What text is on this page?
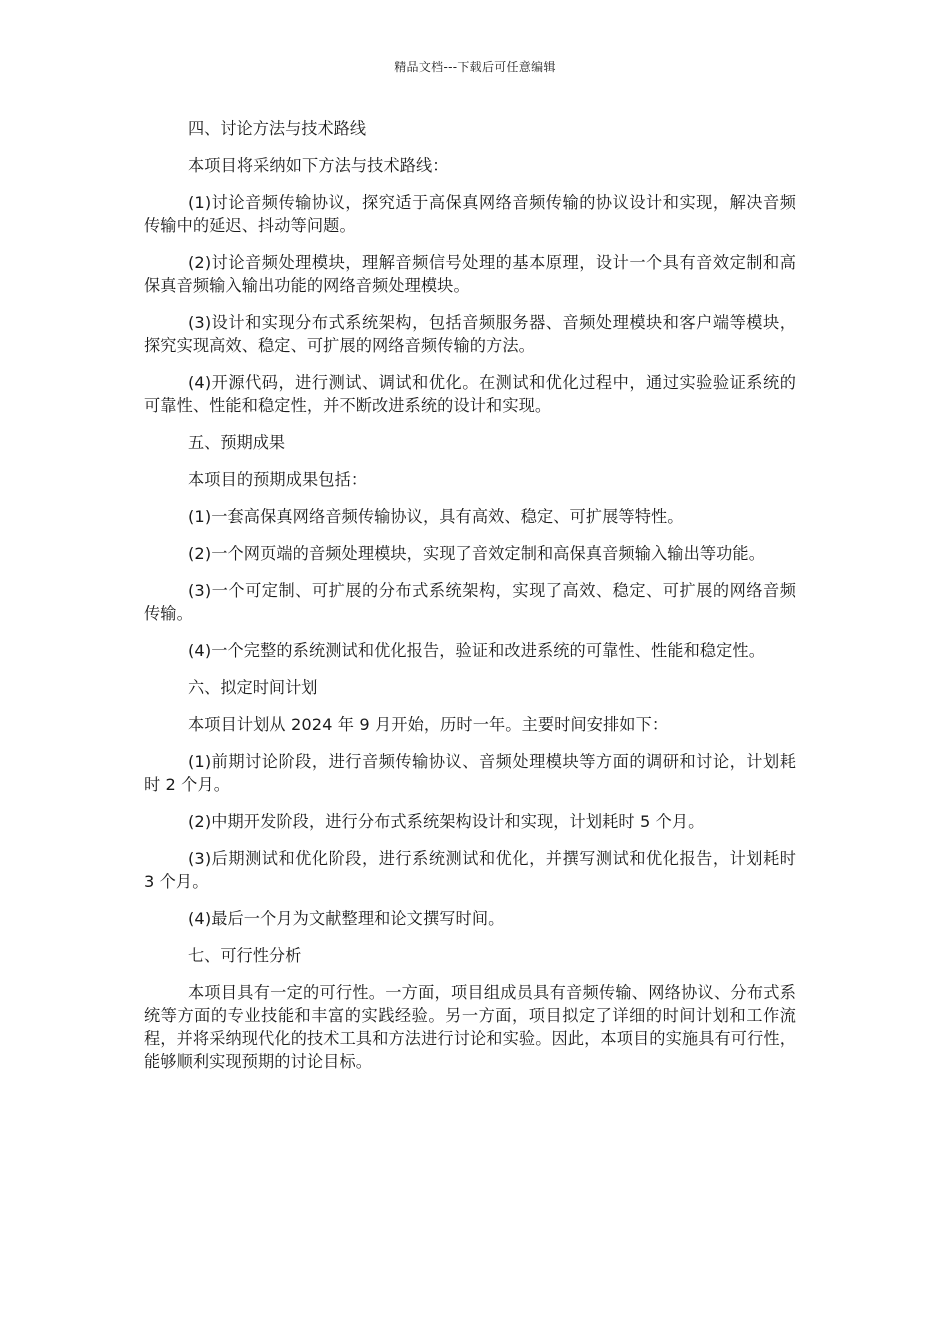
精品文档---下载后可任意编辑

四、讨论方法与技术路线

本项目将采纳如下方法与技术路线：

(1)讨论音频传输协议，探究适于高保真网络音频传输的协议设计和实现，解决音频传输中的延迟、抖动等问题。

(2)讨论音频处理模块，理解音频信号处理的基本原理，设计一个具有音效定制和高保真音频输入输出功能的网络音频处理模块。

(3)设计和实现分布式系统架构，包括音频服务器、音频处理模块和客户端等模块，探究实现高效、稳定、可扩展的网络音频传输的方法。

(4)开源代码，进行测试、调试和优化。在测试和优化过程中，通过实验验证系统的可靠性、性能和稳定性，并不断改进系统的设计和实现。

五、预期成果

本项目的预期成果包括：

(1)一套高保真网络音频传输协议，具有高效、稳定、可扩展等特性。

(2)一个网页端的音频处理模块，实现了音效定制和高保真音频输入输出等功能。

(3)一个可定制、可扩展的分布式系统架构，实现了高效、稳定、可扩展的网络音频传输。

(4)一个完整的系统测试和优化报告，验证和改进系统的可靠性、性能和稳定性。

六、拟定时间计划

本项目计划从 2024 年 9 月开始，历时一年。主要时间安排如下：

(1)前期讨论阶段，进行音频传输协议、音频处理模块等方面的调研和讨论，计划耗时 2 个月。

(2)中期开发阶段，进行分布式系统架构设计和实现，计划耗时 5 个月。

(3)后期测试和优化阶段，进行系统测试和优化，并撰写测试和优化报告，计划耗时 3 个月。

(4)最后一个月为文献整理和论文撰写时间。

七、可行性分析

本项目具有一定的可行性。一方面，项目组成员具有音频传输、网络协议、分布式系统等方面的专业技能和丰富的实践经验。另一方面，项目拟定了详细的时间计划和工作流程，并将采纳现代化的技术工具和方法进行讨论和实验。因此，本项目的实施具有可行性，能够顺利实现预期的讨论目标。
